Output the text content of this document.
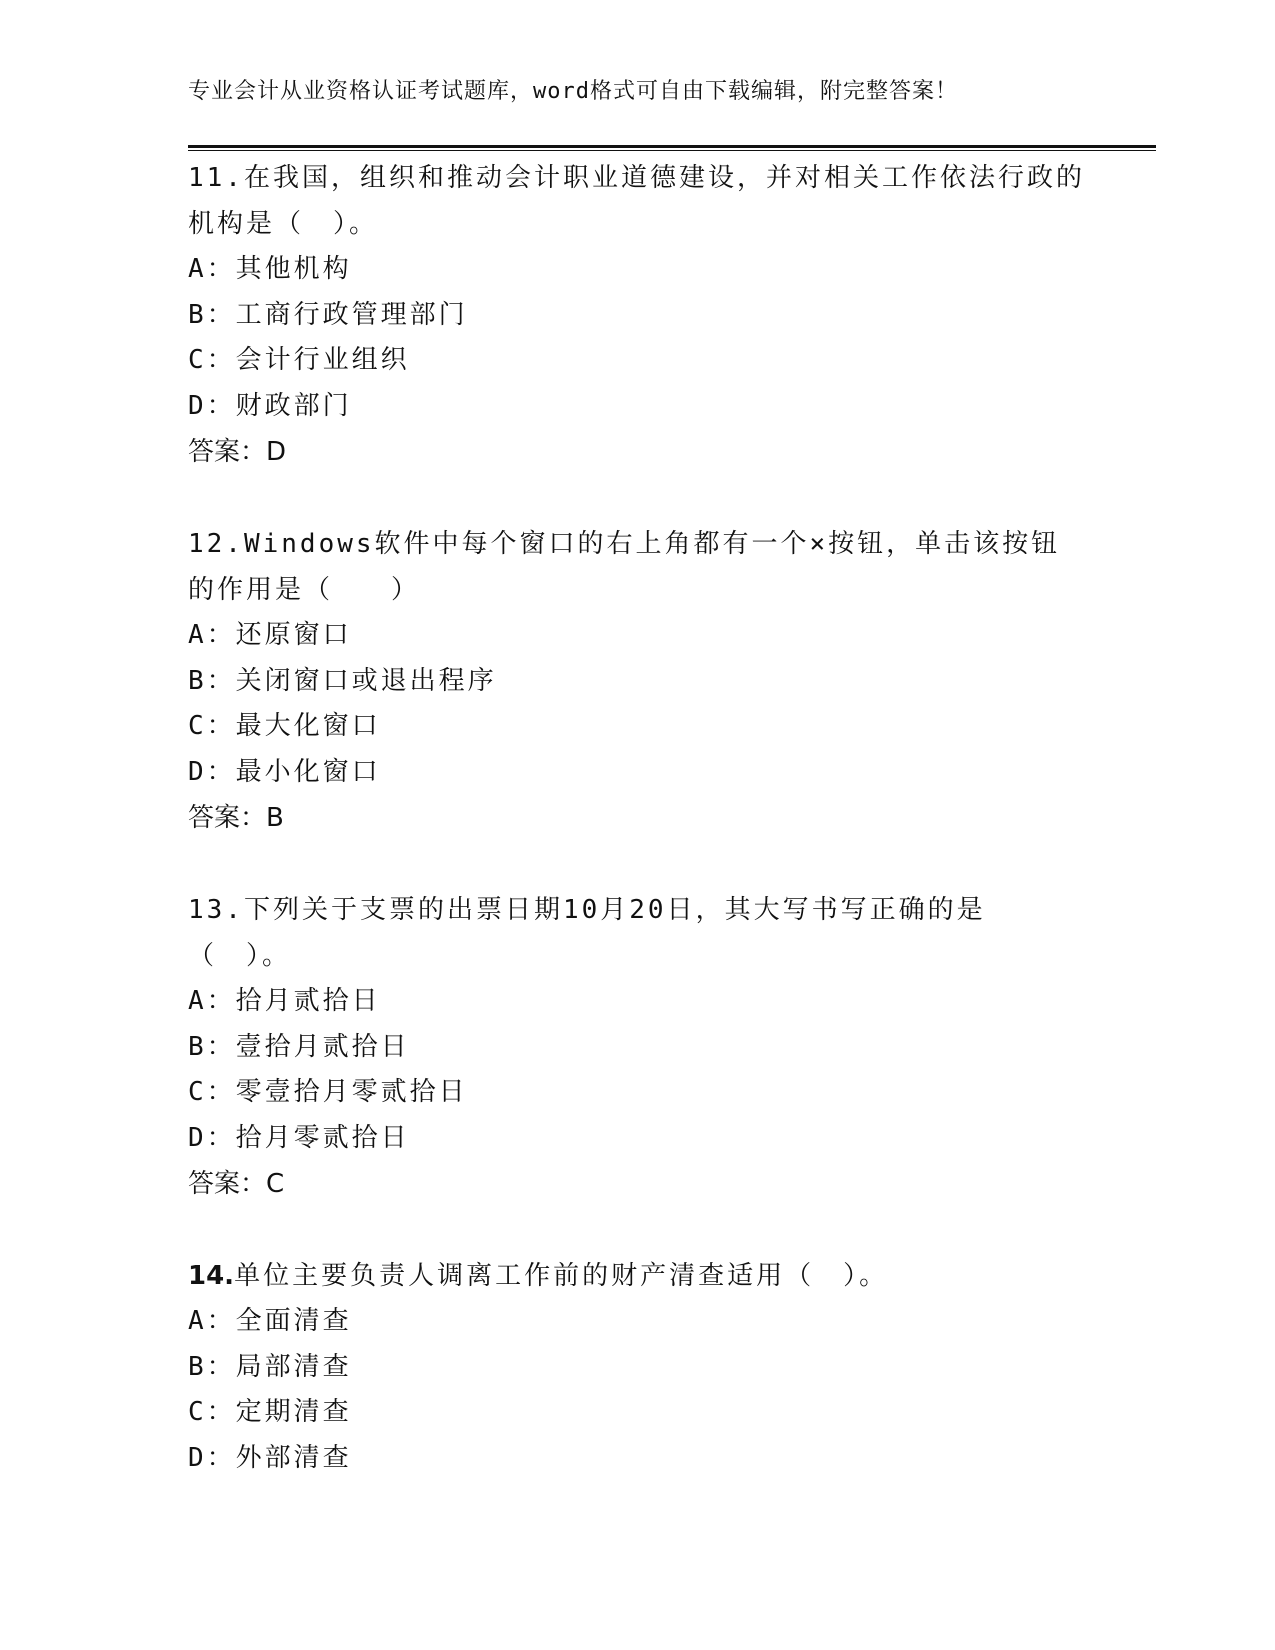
专业会计从业资格认证考试题库，word格式可自由下载编辑，附完整答案！

11.在我国，组织和推动会计职业道德建设，并对相关工作依法行政的机构是（　）。

A：其他机构

B：工商行政管理部门

C：会计行业组织

D：财政部门

答案：D

12.Windows软件中每个窗口的右上角都有一个×按钮，单击该按钮的作用是（　　）

A：还原窗口

B：关闭窗口或退出程序

C：最大化窗口

D：最小化窗口

答案：B

13.下列关于支票的出票日期10月20日，其大写书写正确的是（　）。

A：拾月贰拾日

B：壹拾月贰拾日

C：零壹拾月零贰拾日

D：拾月零贰拾日

答案：C

14.单位主要负责人调离工作前的财产清查适用（　）。

A：全面清查

B：局部清查

C：定期清查

D：外部清查
